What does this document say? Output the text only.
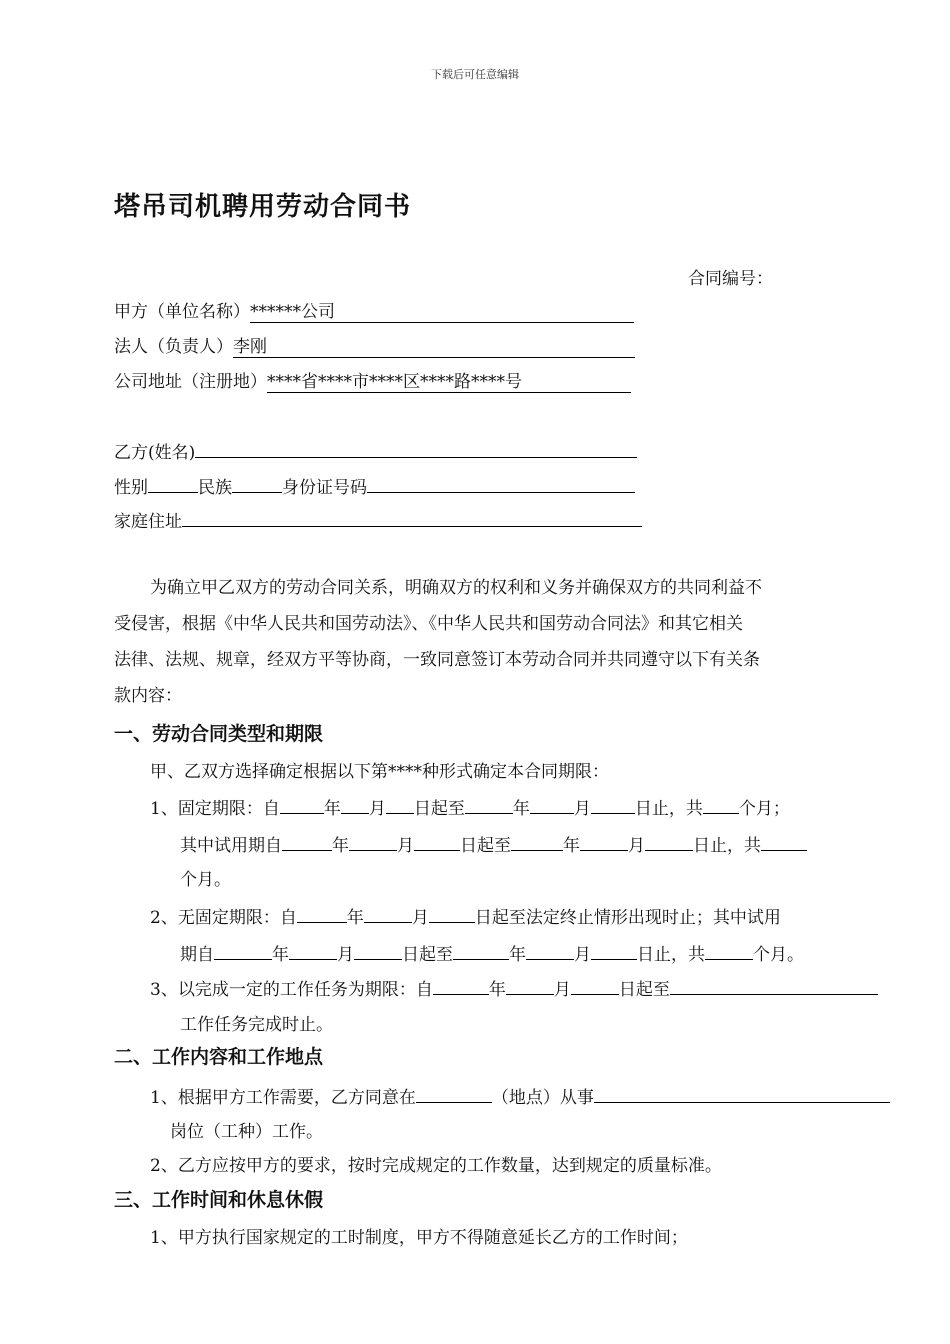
下载后可任意编辑
塔吊司机聘用劳动合同书
合同编号：
甲方（单位名称）******公司
法人（负责人）李刚
公司地址（注册地）****省****市****区****路****号
乙方(姓名)
性别	民族	身份证号码
家庭住址
为确立甲乙双方的劳动合同关系，明确双方的权利和义务并确保双方的共同利益不
受侵害，根据《中华人民共和国劳动法》、《中华人民共和国劳动合同法》和其它相关
法律、法规、规章，经双方平等协商，一致同意签订本劳动合同并共同遵守以下有关条
款内容：
一、劳动合同类型和期限
甲、乙双方选择确定根据以下第****种形式确定本合同期限：
1、固定期限：自	年 月 日起至	年	月	日止，共 个月；
其中试用期自	年	月	日起至	年	月	日止，共
个月。
2、无固定期限：自	年	月	日起至法定终止情形出现时止；其中试用
期自	年	月	日起至	年	月	日止，共	个月。
3、以完成一定的工作任务为期限：自	年	月	日起至
工作任务完成时止。
二、工作内容和工作地点
1、根据甲方工作需要，乙方同意在	（地点）从事
岗位（工种）工作。
2、乙方应按甲方的要求，按时完成规定的工作数量，达到规定的质量标准。
三、工作时间和休息休假
1、甲方执行国家规定的工时制度，甲方不得随意延长乙方的工作时间；
